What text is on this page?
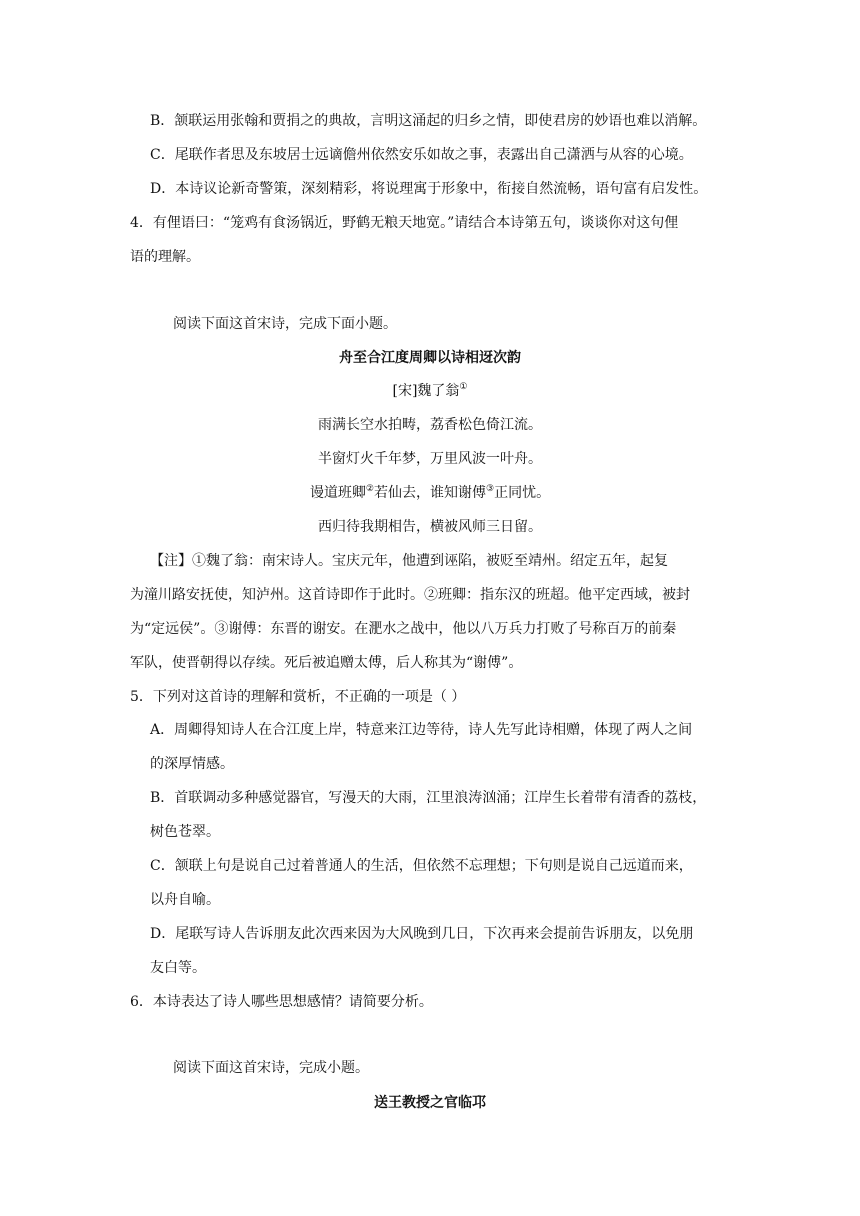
B．颔联运用张翰和贾捐之的典故，言明这涌起的归乡之情，即使君房的妙语也难以消解。
C．尾联作者思及东坡居士远谪儋州依然安乐如故之事，表露出自己潇洒与从容的心境。
D．本诗议论新奇警策，深刻精彩，将说理寓于形象中，衔接自然流畅，语句富有启发性。
4．有俚语曰：“笼鸡有食汤锅近，野鹤无粮天地宽。”请结合本诗第五句，谈谈你对这句俚
语的理解。
阅读下面这首宋诗，完成下面小题。
舟至合江度周卿以诗相迓次韵
[宋]魏了翁①
雨满长空水拍畴，荔香松色倚江流。
半窗灯火千年梦，万里风波一叶舟。
谩道班卿②若仙去，谁知谢傅③正同忧。
西归待我期相告，横被风师三日留。
【注】①魏了翁：南宋诗人。宝庆元年，他遭到诬陷，被贬至靖州。绍定五年，起复
为潼川路安抚使，知泸州。这首诗即作于此时。②班卿：指东汉的班超。他平定西域，被封
为“定远侯”。③谢傅：东晋的谢安。在淝水之战中，他以八万兵力打败了号称百万的前秦
军队，使晋朝得以存续。死后被追赠太傅，后人称其为“谢傅”。
5．下列对这首诗的理解和赏析，不正确的一项是（ ）
A．周卿得知诗人在合江度上岸，特意来江边等待，诗人先写此诗相赠，体现了两人之间
的深厚情感。
B．首联调动多种感觉器官，写漫天的大雨，江里浪涛汹涌；江岸生长着带有清香的荔枝，
树色苍翠。
C．颔联上句是说自己过着普通人的生活，但依然不忘理想；下句则是说自己远道而来，
以舟自喻。
D．尾联写诗人告诉朋友此次西来因为大风晚到几日，下次再来会提前告诉朋友，以免朋
友白等。
6．本诗表达了诗人哪些思想感情？请简要分析。
阅读下面这首宋诗，完成小题。
送王教授之官临邛
